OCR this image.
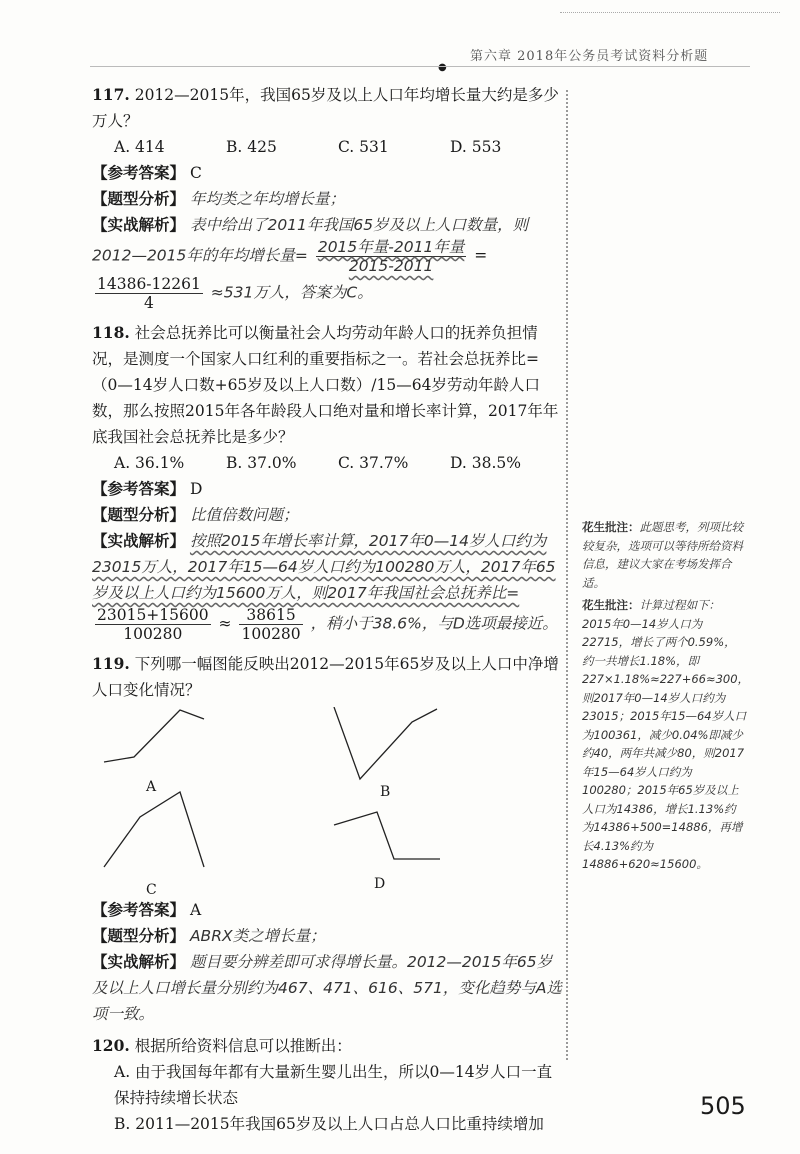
第六章 2018年公务员考试资料分析题
●

117. 2012—2015年，我国65岁及以上人口年均增长量大约是多少万人？

A. 414	B. 425	C. 531	D. 553
【参考答案】 C
【题型分析】 年均类之年均增长量；
【实战解析】 表中给出了2011年我国65岁及以上人口数量，则2012—2015年的年均增长量= $\frac{\text{2015年量-2011年量}}{2015-2011}$ =
$\frac{14386-12261}{4} \approx 531$万人，答案为C。

118. 社会总抚养比可以衡量社会人均劳动年龄人口的抚养负担情况，是测度一个国家人口红利的重要指标之一。若社会总抚养比=（0—14岁人口数+65岁及以上人口数）/15—64岁劳动年龄人口数，那么按照2015年各年龄段人口绝对量和增长率计算，2017年年底我国社会总抚养比是多少？

A. 36.1%	B. 37.0%	C. 37.7%	D. 38.5%
【参考答案】 D
【题型分析】 比值倍数问题；
【实战解析】 按照2015年增长率计算，2017年0—14岁人口约为23015万人，2017年15—64岁人口约为100280万人，2017年65岁及以上人口约为15600万人，则2017年我国社会总抚养比=
$\frac{23015+15600}{100280} \approx \frac{38615}{100280}$ ，稍小于38.6%，与D选项最接近。

119. 下列哪一幅图能反映出2012—2015年65岁及以上人口中净增人口变化情况？

A	B
C	D
【参考答案】 A
【题型分析】 ABRX类之增长量；
【实战解析】 题目要分辨差即可求得增长量。2012—2015年65岁及以上人口增长量分别约为467、471、616、571，变化趋势与A选项一致。

120. 根据所给资料信息可以推断出：

A. 由于我国每年都有大量新生婴儿出生，所以0—14岁人口一直保持持续增长状态
B. 2011—2015年我国65岁及以上人口占总人口比重持续增加
花生批注：此题思考，列项比较较复杂，选项可以等待所给资料信息，建议大家在考场发挥合适。
花生批注：计算过程如下：2015年0—14岁人口为22715，增长了两个0.59%，约一共增长1.18%，即227×1.18%≈227+66≈300，则2017年0—14岁人口约为23015；2015年15—64岁人口为100361，减少0.04%即减少约40，两年共减少80，则2017年15—64岁人口约为100280；2015年65岁及以上人口为14386，增长1.13%约为14386+500=14886，再增长4.13%约为14886+620≈15600。
505
